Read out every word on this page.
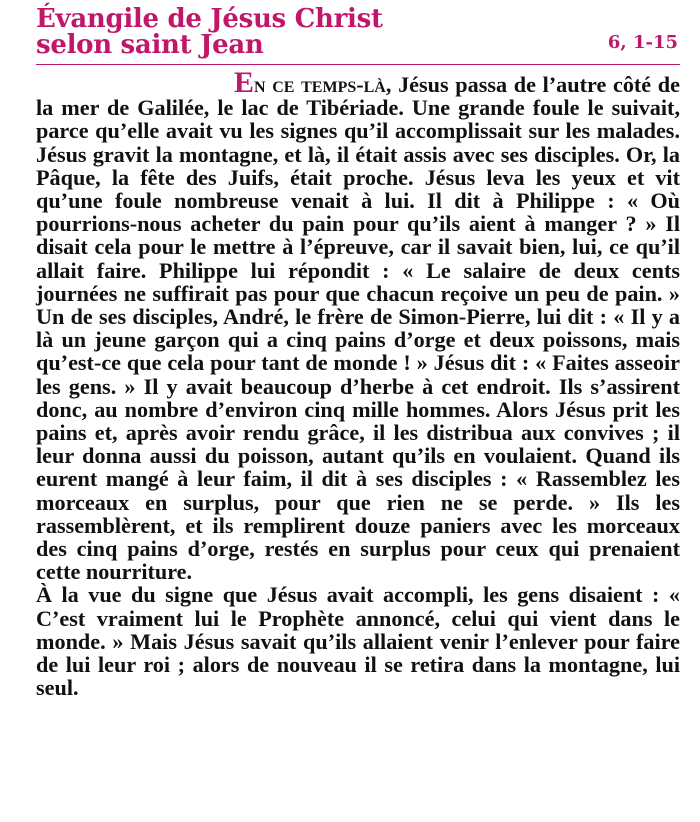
Évangile de Jésus Christ
selon saint Jean	6, 1-15

En ce temps-là, Jésus passa de l’autre côté de la mer de Galilée, le lac de Tibériade. Une grande foule le suivait, parce qu’elle avait vu les signes qu’il accomplissait sur les malades. Jésus gravit la montagne, et là, il était assis avec ses disciples. Or, la Pâque, la fête des Juifs, était proche. Jésus leva les yeux et vit qu’une foule nombreuse venait à lui. Il dit à Philippe : « Où pourrions-nous acheter du pain pour qu’ils aient à manger ? » Il disait cela pour le mettre à l’épreuve, car il savait bien, lui, ce qu’il allait faire. Philippe lui répondit : « Le salaire de deux cents journées ne suffirait pas pour que chacun reçoive un peu de pain. » Un de ses disciples, André, le frère de Simon-Pierre, lui dit : « Il y a là un jeune garçon qui a cinq pains d’orge et deux poissons, mais qu’est-ce que cela pour tant de monde ! » Jésus dit : « Faites asseoir les gens. » Il y avait beaucoup d’herbe à cet endroit. Ils s’assirent donc, au nombre d’environ cinq mille hommes. Alors Jésus prit les pains et, après avoir rendu grâce, il les distribua aux convives ; il leur donna aussi du poisson, autant qu’ils en voulaient. Quand ils eurent mangé à leur faim, il dit à ses disciples : « Rassemblez les morceaux en surplus, pour que rien ne se perde. » Ils les rassemblèrent, et ils remplirent douze paniers avec les morceaux des cinq pains d’orge, restés en surplus pour ceux qui prenaient cette nourriture.

À la vue du signe que Jésus avait accompli, les gens disaient : « C’est vraiment lui le Prophète annoncé, celui qui vient dans le monde. » Mais Jésus savait qu’ils allaient venir l’enlever pour faire de lui leur roi ; alors de nouveau il se retira dans la montagne, lui seul.
